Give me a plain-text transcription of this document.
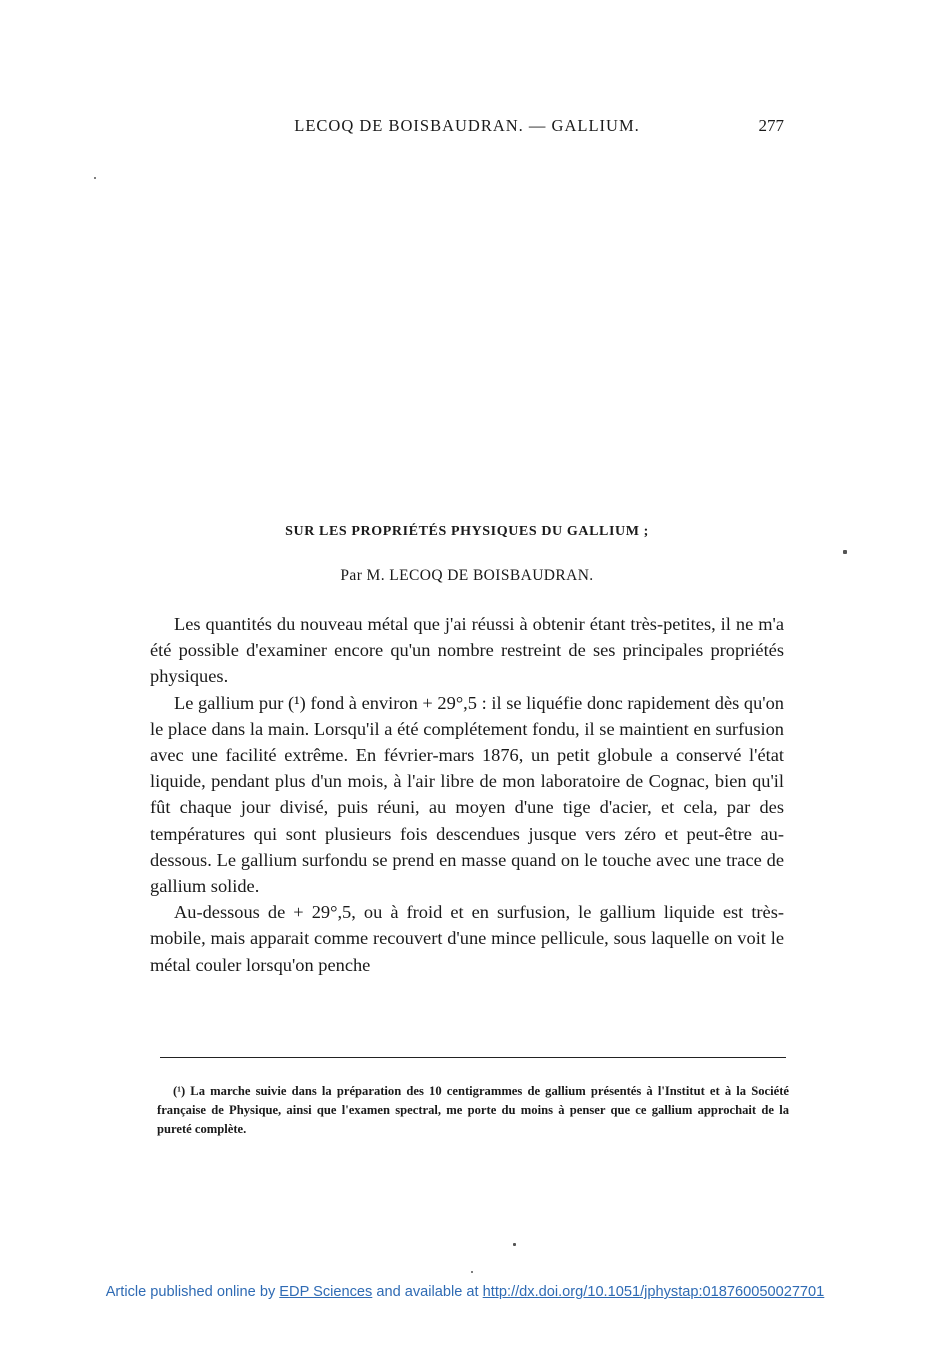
LECOQ DE BOISBAUDRAN. — GALLIUM.	277
SUR LES PROPRIÉTÉS PHYSIQUES DU GALLIUM ;
Par M. LECOQ DE BOISBAUDRAN.

Les quantités du nouveau métal que j'ai réussi à obtenir étant très-petites, il ne m'a été possible d'examiner encore qu'un nombre restreint de ses principales propriétés physiques.

Le gallium pur (¹) fond à environ + 29°,5 : il se liquéfie donc rapidement dès qu'on le place dans la main. Lorsqu'il a été complétement fondu, il se maintient en surfusion avec une facilité extrême. En février-mars 1876, un petit globule a conservé l'état liquide, pendant plus d'un mois, à l'air libre de mon laboratoire de Cognac, bien qu'il fût chaque jour divisé, puis réuni, au moyen d'une tige d'acier, et cela, par des températures qui sont plusieurs fois descendues jusque vers zéro et peut-être au-dessous. Le gallium surfondu se prend en masse quand on le touche avec une trace de gallium solide.

Au-dessous de + 29°,5, ou à froid et en surfusion, le gallium liquide est très-mobile, mais apparait comme recouvert d'une mince pellicule, sous laquelle on voit le métal couler lorsqu'on penche

(¹) La marche suivie dans la préparation des 10 centigrammes de gallium présentés à l'Institut et à la Société française de Physique, ainsi que l'examen spectral, me porte du moins à penser que ce gallium approchait de la pureté complète.
Article published online by EDP Sciences and available at http://dx.doi.org/10.1051/jphystap:018760050027701
